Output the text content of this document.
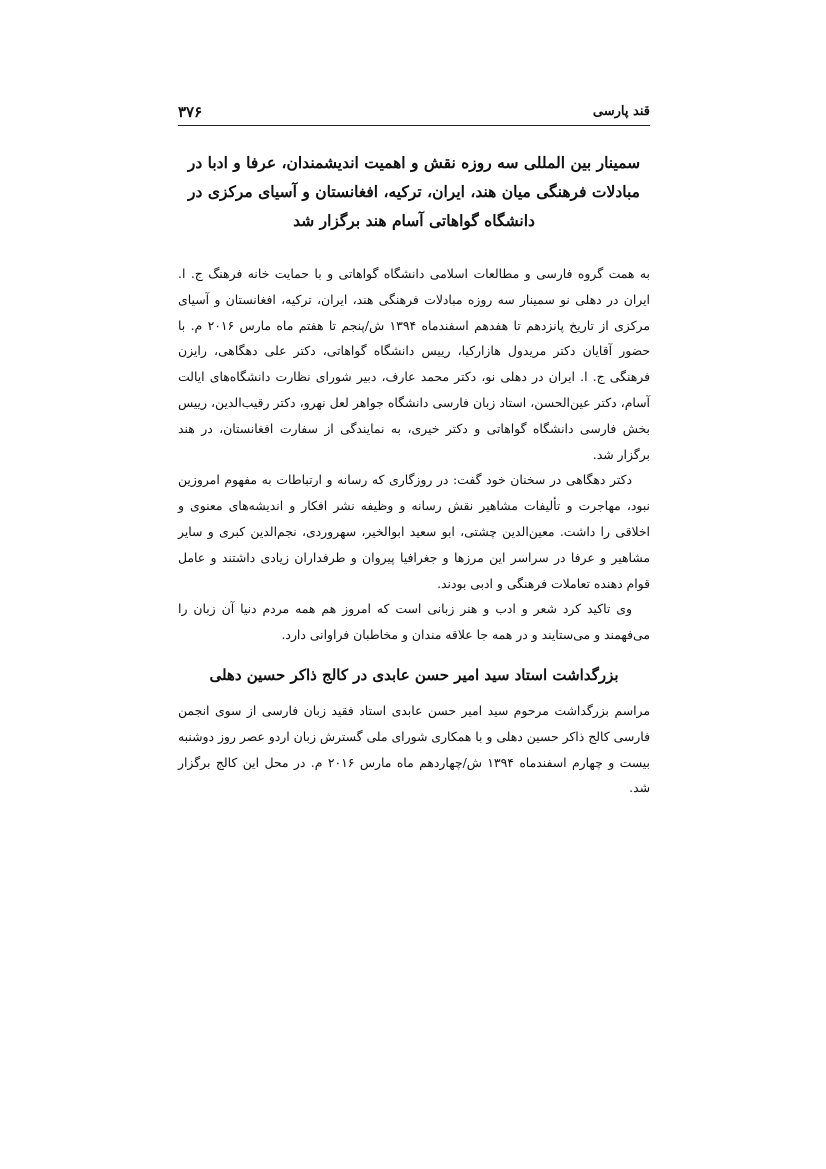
قند پارسی
۳۷۶
سمینار بین المللی سه روزه نقش و اهمیت اندیشمندان، عرفا و ادبا در مبادلات فرهنگی میان هند، ایران، ترکیه، افغانستان و آسیای مرکزی در دانشگاه گواهاتی آسام هند برگزار شد

به همت گروه فارسی و مطالعات اسلامی دانشگاه گواهاتی و با حمایت خانه فرهنگ ج. ا. ایران در دهلی نو سمینار سه روزه مبادلات فرهنگی هند، ایران، ترکیه، افغانستان و آسیای مرکزی از تاریخ پانزدهم تا هفدهم اسفندماه ۱۳۹۴ ش/پنجم تا هفتم ماه مارس ۲۰۱۶ م. با حضور آقایان دکتر مریدول هازارکیا، رییس دانشگاه گواهاتی، دکتر علی دهگاهی، رایزن فرهنگی ج. ا. ایران در دهلی نو، دکتر محمد عارف، دبیر شورای نظارت دانشگاه‌های ایالت آسام، دکتر عین‌الحسن، استاد زبان فارسی دانشگاه جواهر لعل نهرو، دکتر رقیب‌الدین، رییس بخش فارسی دانشگاه گواهاتی و دکتر خیری، به نمایندگی از سفارت افغانستان، در هند برگزار شد.

دکتر دهگاهی در سخنان خود گفت: در روزگاری که رسانه و ارتباطات به مفهوم امروزین نبود، مهاجرت و تألیفات مشاهیر نقش رسانه و وظیفه نشر افکار و اندیشه‌های معنوی و اخلاقی را داشت. معین‌الدین چشتی، ابو سعید ابوالخیر، سهروردی، نجم‌الدین کبری و سایر مشاهیر و عرفا در سراسر این مرزها و جغرافیا پیروان و طرفداران زیادی داشتند و عامل قوام دهنده تعاملات فرهنگی و ادبی بودند.

وی تاکید کرد شعر و ادب و هنر زبانی است که امروز هم همه مردم دنیا آن زبان را می‌فهمند و می‌ستایند و در همه جا علاقه مندان و مخاطبان فراوانی دارد.

بزرگداشت استاد سید امیر حسن عابدی در کالج ذاکر حسین دهلی

مراسم بزرگداشت مرحوم سید امیر حسن عابدی استاد فقید زبان فارسی از سوی انجمن فارسی کالج ذاکر حسین دهلی و با همکاری شورای ملی گسترش زبان اردو عصر روز دوشنبه بیست و چهارم اسفندماه ۱۳۹۴ ش/چهاردهم ماه مارس ۲۰۱۶ م. در محل این کالج برگزار شد.
